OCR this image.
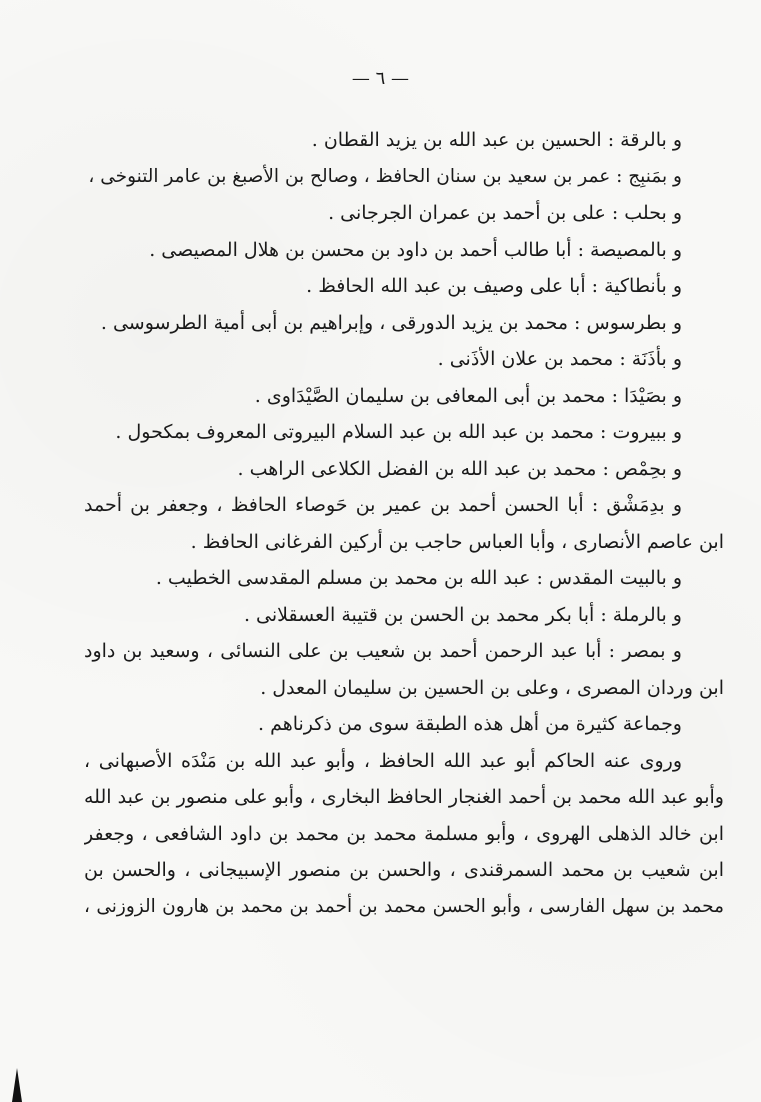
— ٦ —
و بالرقة : الحسين بن عبد الله بن يزيد القطان .
و بمَنبِج : عمر بن سعيد بن سنان الحافظ ، وصالح بن الأصبغ بن عامر التنوخى ،
و بحلب : على بن أحمد بن عمران الجرجانى .
و بالمصيصة : أبا طالب أحمد بن داود بن محسن بن هلال المصيصى .
و بأنطاكية : أبا على وصيف بن عبد الله الحافظ .
و بطرسوس : محمد بن يزيد الدورقى ، وإبراهيم بن أبى أمية الطرسوسى .
و بأذَنَة : محمد بن علان الأذَنى .
و بصَيْدَا : محمد بن أبى المعافى بن سليمان الصَّيْدَاوى .
و ببيروت : محمد بن عبد الله بن عبد السلام البيروتى المعروف بمكحول .
و بحِمْص : محمد بن عبد الله بن الفضل الكلاعى الراهب .
و بدِمَشْق : أبا الحسن أحمد بن عمير بن حَوصاء الحافظ ، وجعفر بن أحمد
ابن عاصم الأنصارى ، وأبا العباس حاجب بن أركين الفرغانى الحافظ .
و بالبيت المقدس : عبد الله بن محمد بن مسلم المقدسى الخطيب .
و بالرملة : أبا بكر محمد بن الحسن بن قتيبة العسقلانى .
و بمصر : أبا عبد الرحمن أحمد بن شعيب بن على النسائى ، وسعيد بن داود
ابن وردان المصرى ، وعلى بن الحسين بن سليمان المعدل .
وجماعة كثيرة من أهل هذه الطبقة سوى من ذكرناهم .
وروى عنه الحاكم أبو عبد الله الحافظ ، وأبو عبد الله بن مَنْدَه الأصبهانى ،
وأبو عبد الله محمد بن أحمد الغنجار الحافظ البخارى ، وأبو على منصور بن عبد الله
ابن خالد الذهلى الهروى ، وأبو مسلمة محمد بن محمد بن داود الشافعى ، وجعفر
ابن شعيب بن محمد السمرقندى ، والحسن بن منصور الإسبيجانى ، والحسن بن
محمد بن سهل الفارسى ، وأبو الحسن محمد بن أحمد بن محمد بن هارون الزوزنى ،
